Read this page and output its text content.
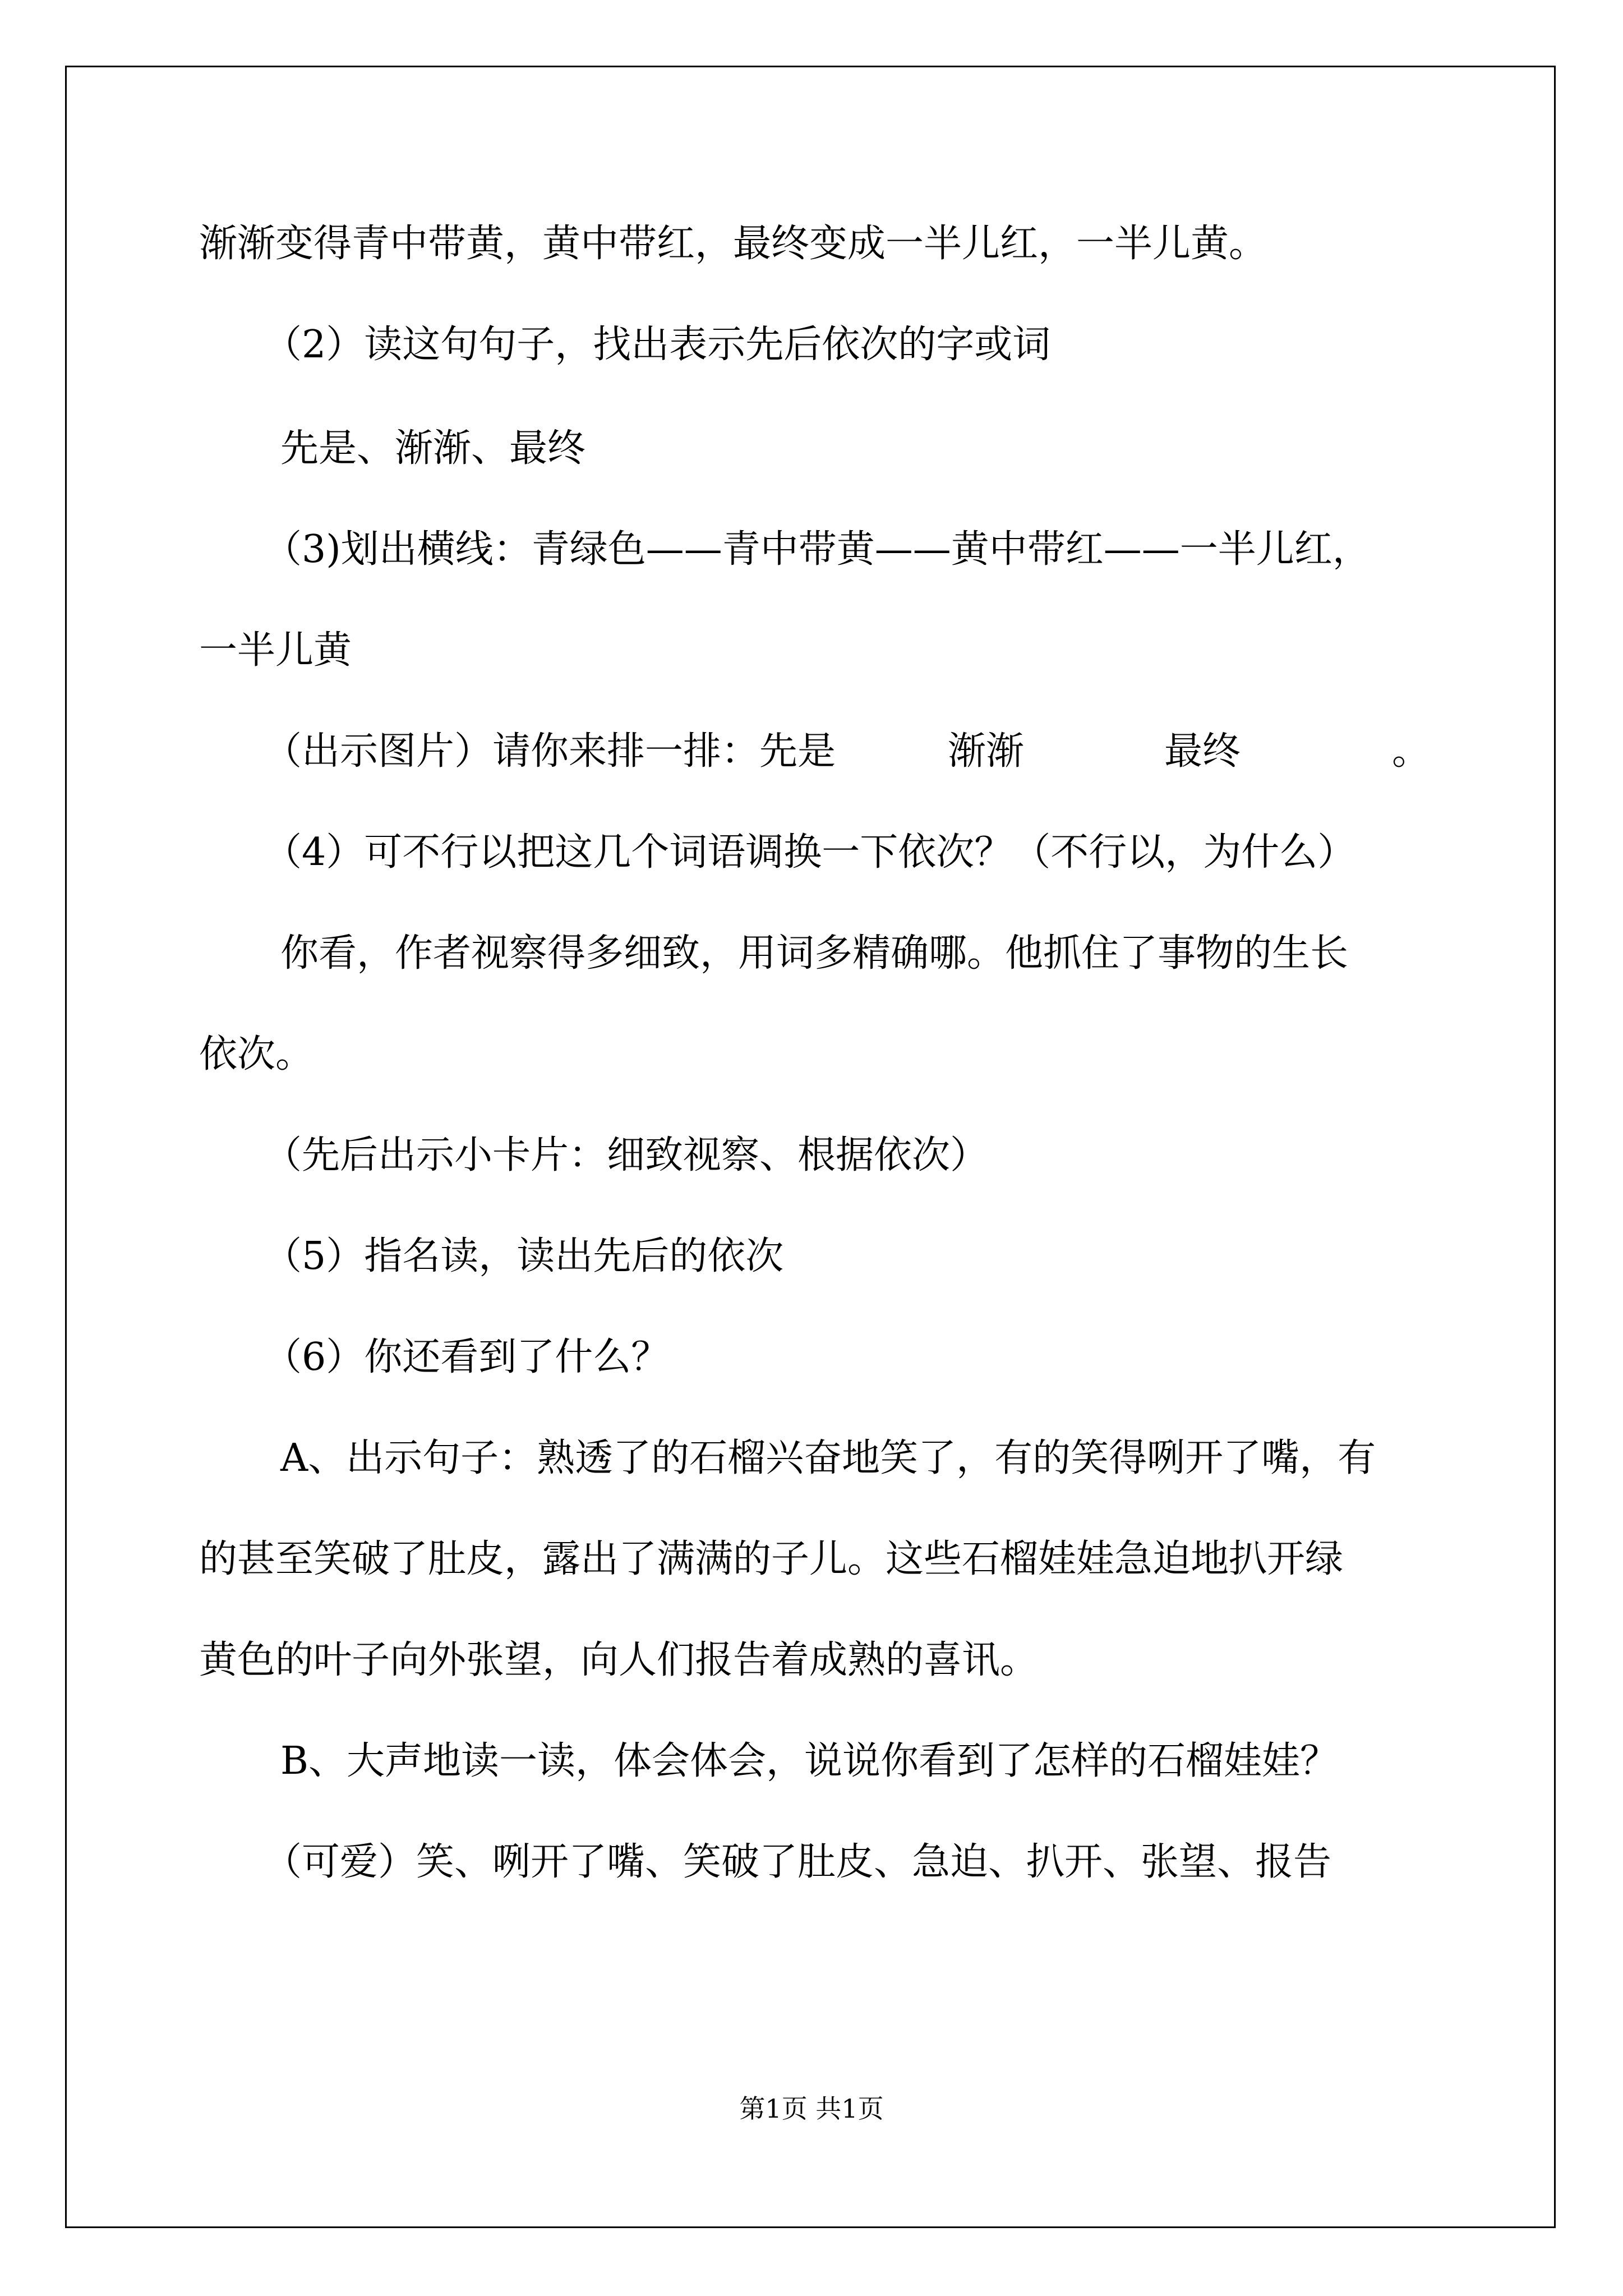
渐渐变得青中带黄，黄中带红，最终变成一半儿红，一半儿黄。
（2）读这句句子，找出表示先后依次的字或词
先是、渐渐、最终
（3)划出横线：青绿色——青中带黄——黄中带红——一半儿红，
一半儿黄
（出示图片）请你来排一排：先是	渐渐	最终	。
（4）可不行以把这几个词语调换一下依次？（不行以，为什么）
你看，作者视察得多细致，用词多精确哪。他抓住了事物的生长
依次。
（先后出示小卡片：细致视察、根据依次）
（5）指名读，读出先后的依次
（6）你还看到了什么？
A、出示句子：熟透了的石榴兴奋地笑了，有的笑得咧开了嘴，有
的甚至笑破了肚皮，露出了满满的子儿。这些石榴娃娃急迫地扒开绿
黄色的叶子向外张望，向人们报告着成熟的喜讯。
B、大声地读一读，体会体会，说说你看到了怎样的石榴娃娃？
（可爱）笑、咧开了嘴、笑破了肚皮、急迫、扒开、张望、报告
第1页 共1页
